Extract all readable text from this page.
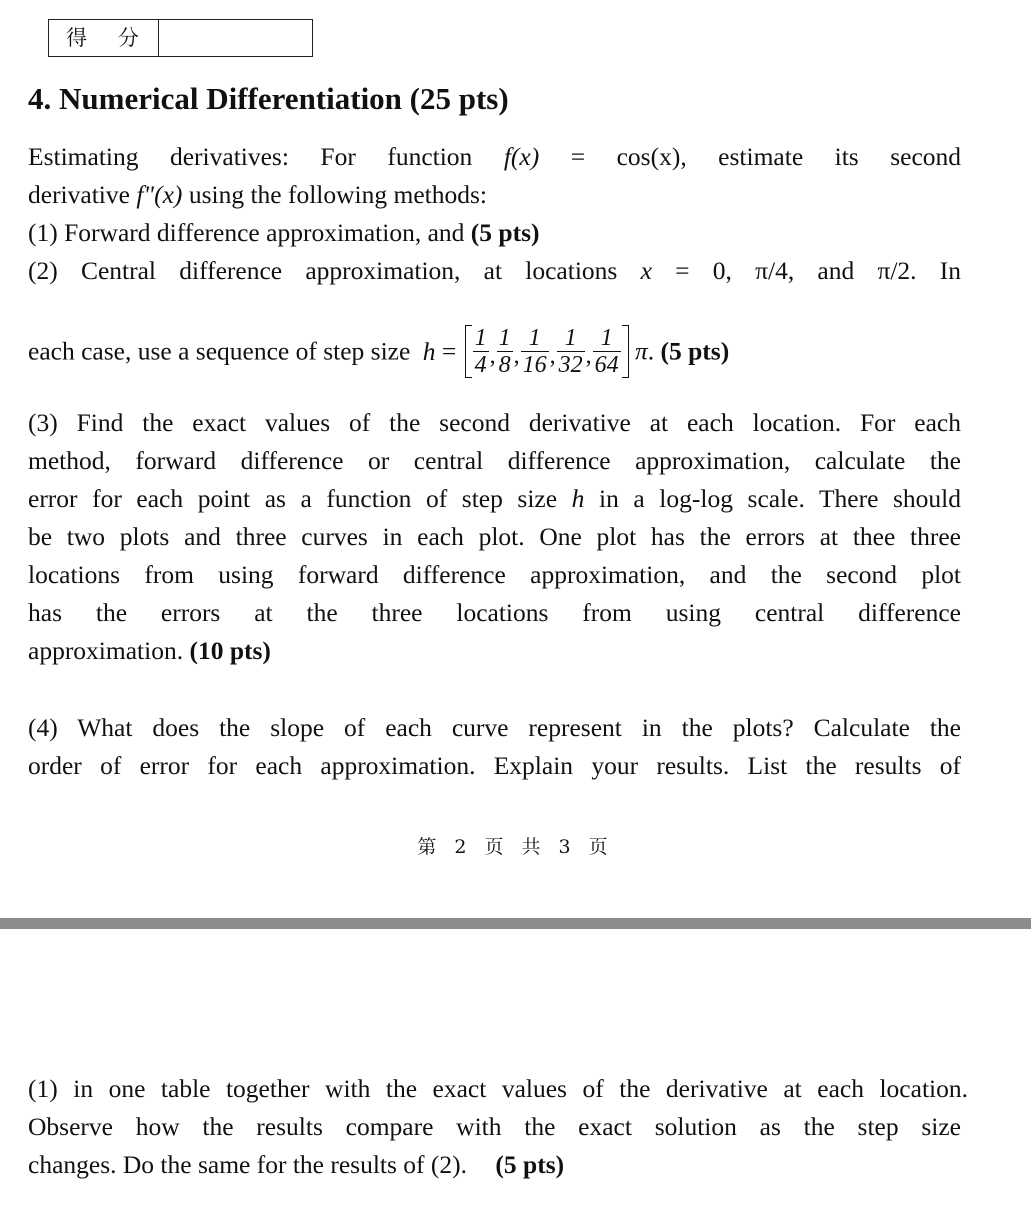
得 分
4. Numerical Differentiation (25 pts)
Estimating derivatives: For function f(x) = cos(x), estimate its second
derivative f"(x) using the following methods:
(1) Forward difference approximation, and (5 pts)
(2) Central difference approximation, at locations x = 0, π/4, and π/2. In
each case, use a sequence of step size $h = \frac{1}{4}$ , $\frac{1}{8}$ , $\frac{1}{16}$ , $\frac{1}{32}$ , $\frac{1}{64} \pi$. (5 pts)
(3) Find the exact values of the second derivative at each location. For each
method, forward difference or central difference approximation, calculate the
error for each point as a function of step size h in a log-log scale. There should
be two plots and three curves in each plot. One plot has the errors at thee three
locations from using forward difference approximation, and the second plot
has the errors at the three locations from using central difference
approximation. (10 pts)
(4) What does the slope of each curve represent in the plots? Calculate the
order of error for each approximation. Explain your results. List the results of
第 2 页 共 3 页
(1) in one table together with the exact values of the derivative at each location.
Observe how the results compare with the exact solution as the step size
changes. Do the same for the results of (2). (5 pts)
